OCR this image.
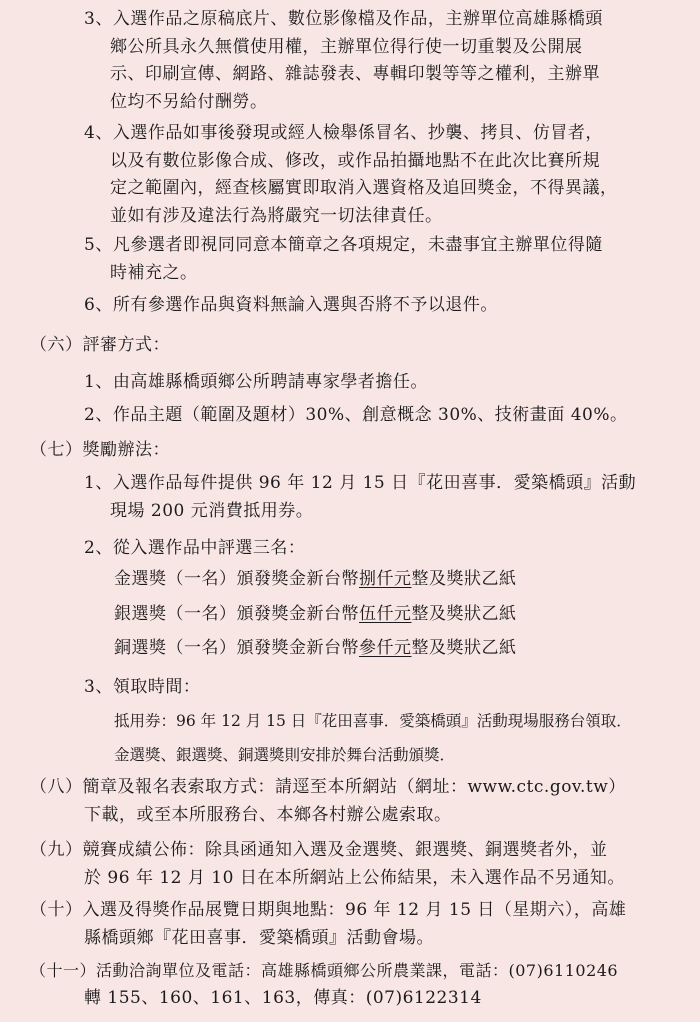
3、入選作品之原稿底片、數位影像檔及作品，主辦單位高雄縣橋頭
鄉公所具永久無償使用權，主辦單位得行使一切重製及公開展
示、印刷宣傳、網路、雜誌發表、專輯印製等等之權利，主辦單
位均不另給付酬勞。
4、入選作品如事後發現或經人檢舉係冒名、抄襲、拷貝、仿冒者，
以及有數位影像合成、修改，或作品拍攝地點不在此次比賽所規
定之範圍內，經查核屬實即取消入選資格及追回獎金，不得異議，
並如有涉及違法行為將嚴究一切法律責任。
5、凡參選者即視同同意本簡章之各項規定，未盡事宜主辦單位得隨
時補充之。
6、所有參選作品與資料無論入選與否將不予以退件。
（六）評審方式：
1、由高雄縣橋頭鄉公所聘請專家學者擔任。
2、作品主題（範圍及題材）30%、創意概念 30%、技術畫面 40%。
（七）獎勵辦法：
1、入選作品每件提供 96 年 12 月 15 日『花田喜事．愛築橋頭』活動
現場 200 元消費抵用券。
2、從入選作品中評選三名：
金選獎（一名）頒發獎金新台幣捌仟元整及獎狀乙紙
銀選獎（一名）頒發獎金新台幣伍仟元整及獎狀乙紙
銅選獎（一名）頒發獎金新台幣參仟元整及獎狀乙紙
3、領取時間：
抵用券：96 年 12 月 15 日『花田喜事．愛築橋頭』活動現場服務台領取．
金選獎、銀選獎、銅選獎則安排於舞台活動頒獎．
（八）簡章及報名表索取方式：請逕至本所網站（網址：www.ctc.gov.tw）
下載，或至本所服務台、本鄉各村辦公處索取。
（九）競賽成績公佈：除具函通知入選及金選獎、銀選獎、銅選獎者外，並
於 96 年 12 月 10 日在本所網站上公佈結果，未入選作品不另通知。
（十）入選及得獎作品展覽日期與地點：96 年 12 月 15 日（星期六），高雄
縣橋頭鄉『花田喜事．愛築橋頭』活動會場。
（十一）活動洽詢單位及電話：高雄縣橋頭鄉公所農業課，電話：(07)6110246
轉 155、160、161、163，傳真：(07)6122314
